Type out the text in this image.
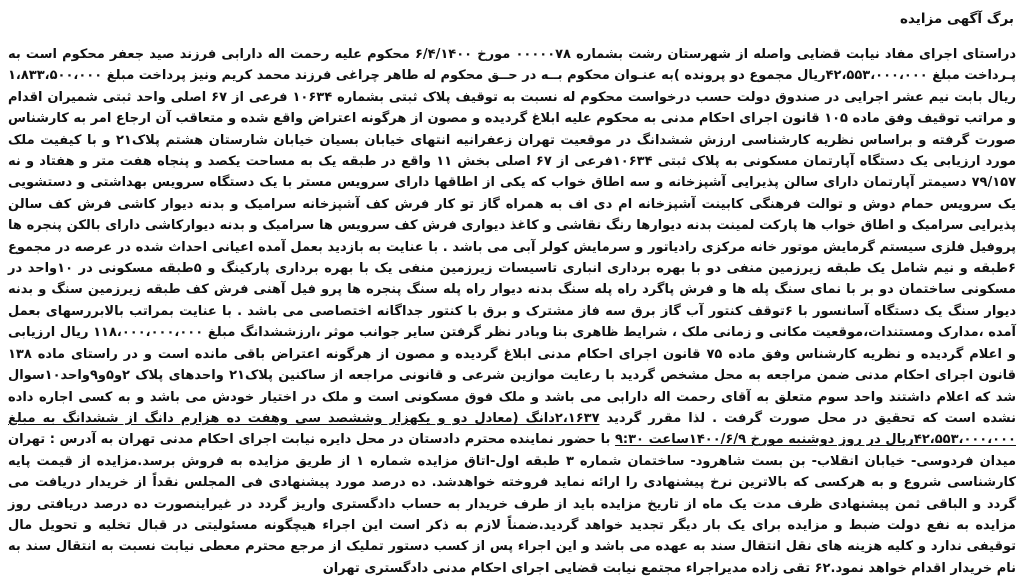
برگ آگهی مزایده

دراستای اجرای مفاد نیابت قضایی واصله از شهرستان رشت بشماره ۰۰۰۰۰۷۸ مورخ ۶/۴/۱۴۰۰ محکوم علیه رحمت اله دارابی فرزند صید جعفر محکوم است به پـرداخت مبلغ ۴۲،۵۵۳،۰۰۰،۰۰۰ریال مجموع دو پرونده )به عنـوان محکوم بــه در حــق محکوم له طاهر چراغی فرزند محمد کریم ونیز پرداخت مبلغ ۱،۸۳۳،۵۰۰،۰۰۰ ریال بابت نیم عشر اجرایی در صندوق دولت حسب درخواست محکوم له نسبت به توقیف پلاک ثبتی بشماره ۱۰۶۳۴ فرعی از ۶۷ اصلی واحد ثبتی شمیران اقدام و مراتب توقیف وفق ماده ۱۰۵ قانون اجرای احکام مدنی به محکوم علیه ابلاغ گردیده و مصون از هرگونه اعتراض واقع شده و متعاقب آن ارجاع امر به کارشناس صورت گرفته و براساس نظریه کارشناسی ارزش ششدانگ در موقعیت تهران زعفرانیه انتهای خیابان بسیان خیابان شارستان هشتم پلاک۲۱ و با کیفیت ملک مورد ارزیابی یک دستگاه آپارتمان مسکونی به پلاک ثبتی ۱۰۶۳۴فرعی از ۶۷ اصلی بخش ۱۱ واقع در طبقه یک به مساحت یکصد و پنجاه هفت متر و هفتاد و نه ۷۹/۱۵۷ دسیمتر آپارتمان دارای سالن پذیرایی آشپزخانه و سه اطاق خواب که یکی از اطاقها دارای سرویس مستر با یک دستگاه سرویس بهداشتی و دستشویی یک سرویس حمام دوش و توالت فرهنگی کابینت آشپزخانه ام دی اف به همراه گاز تو کار فرش کف آشپزخانه سرامیک و بدنه دیوار کاشی فرش کف سالن پذیرایی سرامیک و اطاق خواب ها پارکت لمینت بدنه دیوارها رنگ نقاشی و کاغذ دیواری فرش کف سرویس ها سرامیک و بدنه دیوارکاشی دارای بالکن پنجره ها پروفیل فلزی سیستم گرمایش موتور خانه مرکزی رادیاتور و سرمایش کولر آبی می باشد . با عنایت به بازدید بعمل آمده اعیانی احداث شده در عرصه در مجموع ۶طبقه و نیم شامل یک طبقه زیرزمین منفی دو با بهره برداری انباری تاسیسات زیرزمین منفی یک با بهره برداری پارکینگ و ۵طبقه مسکونی در ۱۰واحد در مسکونی ساختمان دو بر با نمای سنگ پله ها و فرش پاگرد راه پله سنگ بدنه دیوار راه پله سنگ پنجره ها پرو فیل آهنی فرش کف طبقه زیرزمین سنگ و بدنه دیوار سنگ یک دستگاه آسانسور با ۶توقف کنتور آب گاز برق سه فاز مشترک و برق با کنتور جداگانه اختصاصی می باشد . با عنایت بمراتب بالابررسهای بعمل آمده ،مدارک ومستندات،موقعیت مکانی و زمانی ملک ، شرایط ظاهری بنا وبادر نظر گرفتن سایر جوانب موثر ،ارزششدانگ مبلغ ۱۱۸،۰۰۰،۰۰۰،۰۰۰ ریال ارزیابی و اعلام گردیده و نظریه کارشناس وفق ماده ۷۵ قانون اجرای احکام مدنی ابلاغ گردیده و مصون از هرگونه اعتراض باقی مانده است و در راستای ماده ۱۳۸ قانون اجرای احکام مدنی ضمن مراجعه به محل مشخص گردید با رعایت موازین شرعی و قانونی مراجعه از ساکنین پلاک۲۱ واحدهای پلاک ۲و۵و۹واحد۱۰سوال شد که اعلام داشتند واحد سوم متعلق به آقای رحمت اله دارابی می باشد و ملک فوق مسکونی است و ملک در اختیار خودش می باشد و به کسی اجاره داده نشده است که تحقیق در محل صورت گرفت . لذا مقرر گردید ۲،۱۶۳۷دانگ (معادل دو و یکهزار وششصد سی وهفت ده هزارم دانگ از ششدانگ به مبلغ ۴۲،۵۵۳،۰۰۰،۰۰۰ریال در روز دوشنبه مورخ ۱۴۰۰/۶/۹ساعت ۹:۳۰ با حضور نماینده محترم دادستان در محل دایره نیابت اجرای احکام مدنی تهران به آدرس : تهران میدان فردوسی- خیابان انقلاب- بن بست شاهرود- ساختمان شماره ۳ طبقه اول-اتاق مزایده شماره ۱ از طریق مزایده به فروش برسد.مزایده از قیمت پایه کارشناسی شروع و به هرکسی که بالاترین نرخ پیشنهادی را ارائه نماید فروخته خواهدشد. ده درصد مورد پیشنهادی فی المجلس نقداً از خریدار دریافت می گردد و الباقی ثمن پیشنهادی ظرف مدت یک ماه از تاریخ مزایده باید از طرف خریدار به حساب دادگستری واریز گردد در غیراینصورت ده درصد دریافتی روز مزایده به نفع دولت ضبط و مزایده برای یک بار دیگر تجدید خواهد گردید.ضمناً لازم به ذکر است این اجراء هیچگونه مسئولیتی در قبال تخلیه و تحویل مال توقیفی ندارد و کلیه هزینه های نقل انتقال سند به عهده می باشد و این اجراء پس از کسب دستور تملیک از مرجع محترم معطی نیابت نسبت به انتقال سند به نام خریدار اقدام خواهد نمود.۶۲ تقی زاده مدیراجراء مجتمع نیابت قضایی اجرای احکام مدنی دادگستری تهران
